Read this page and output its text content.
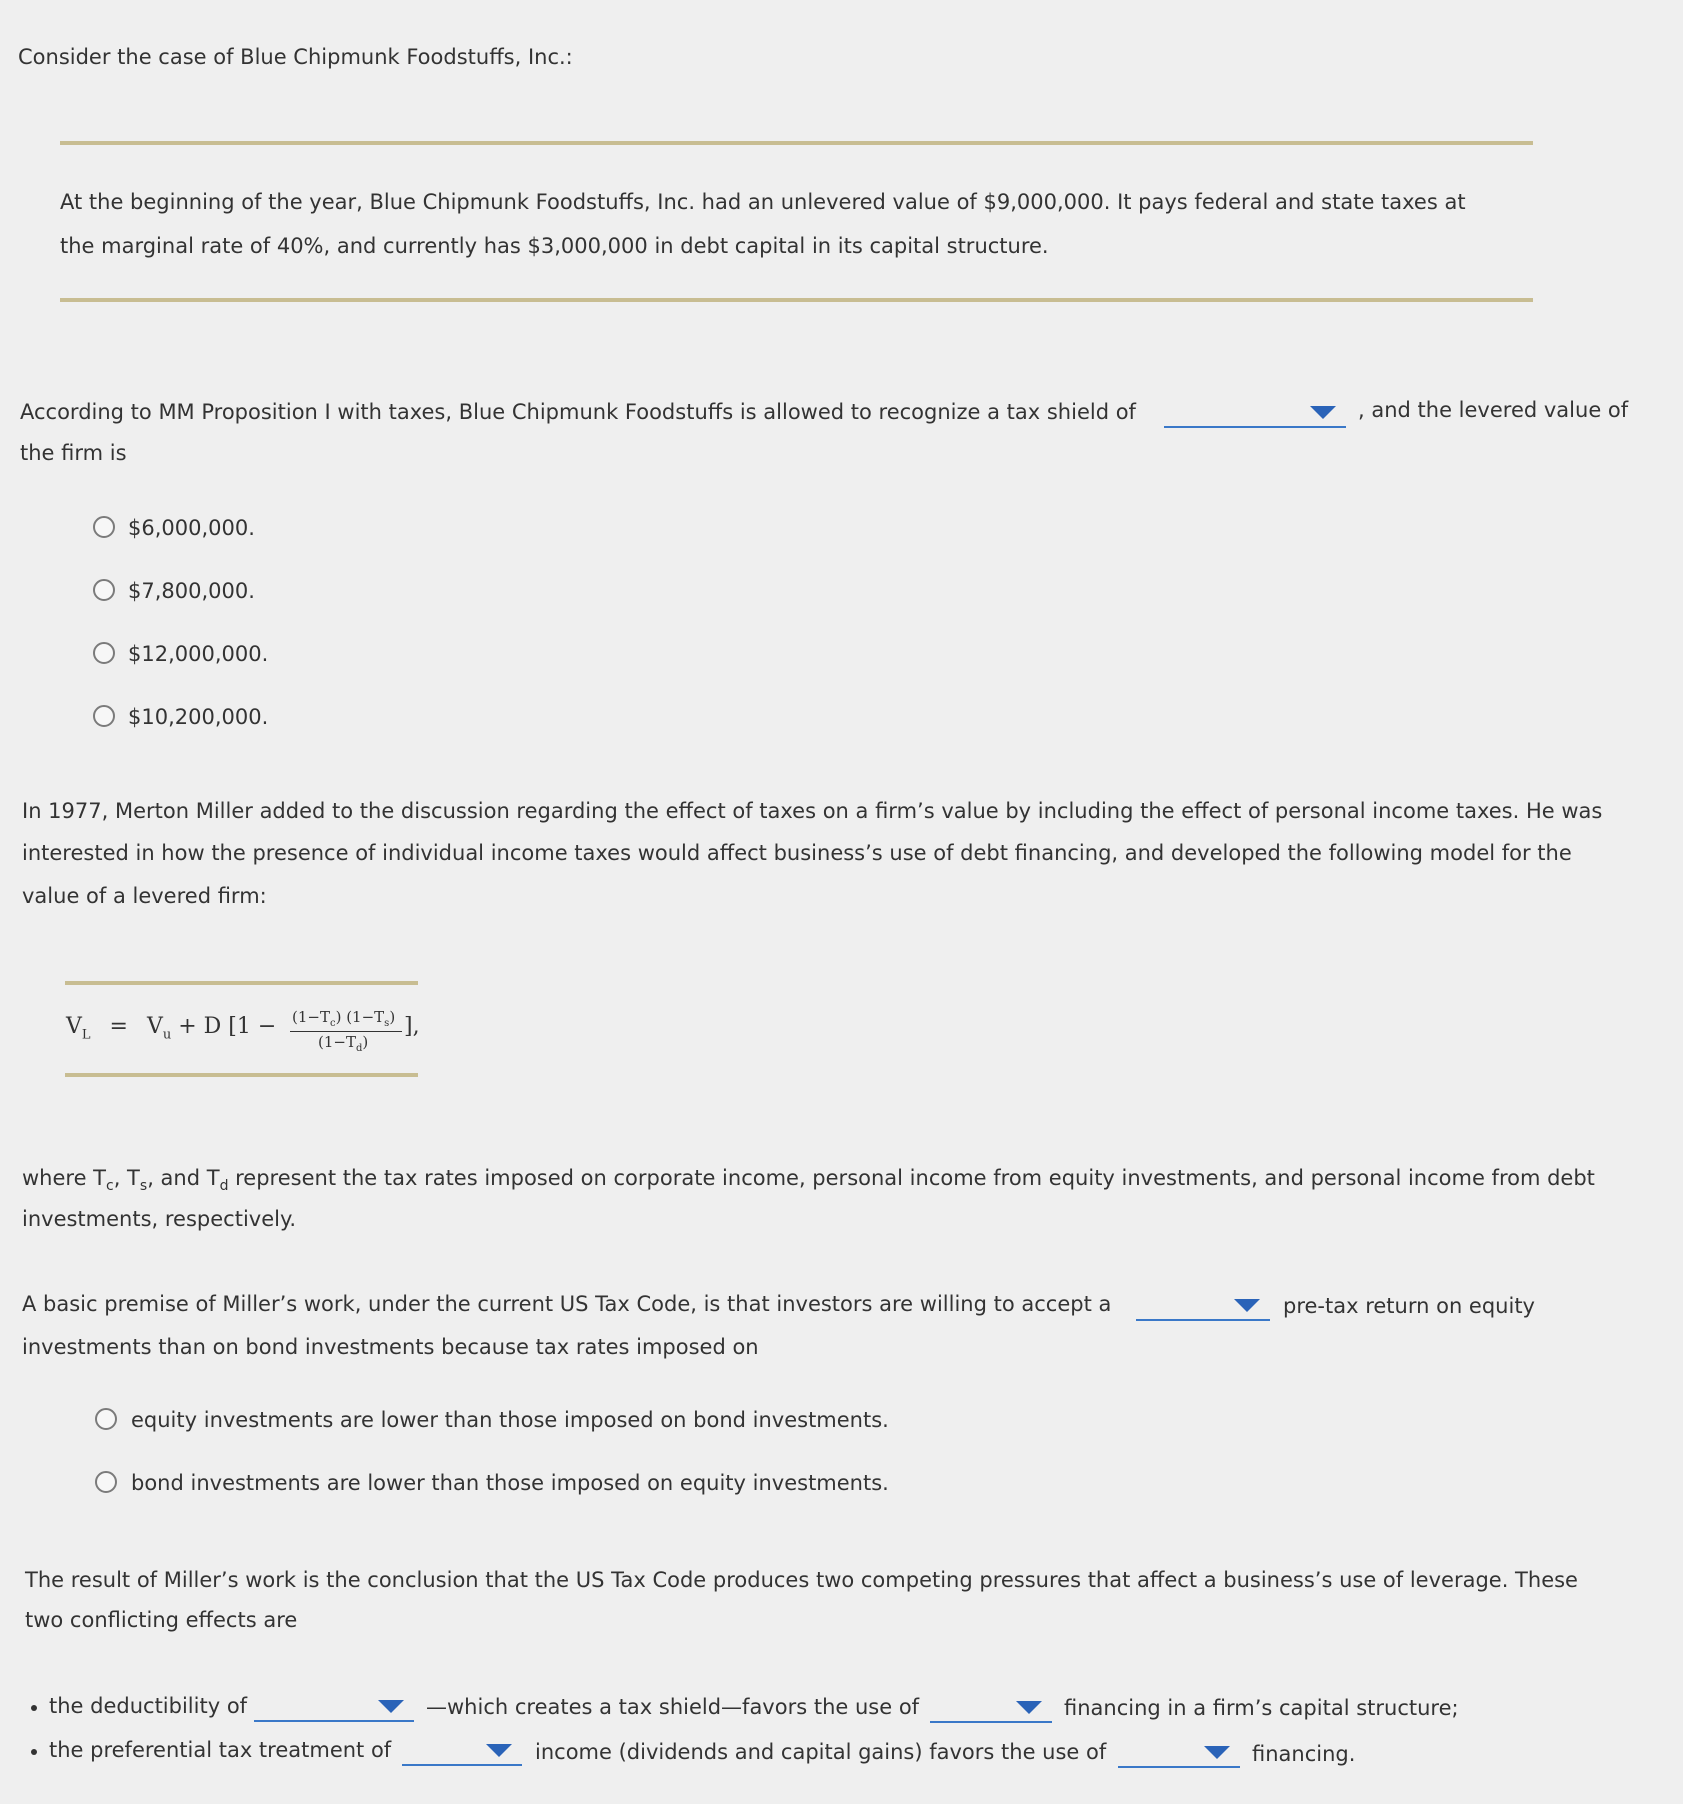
Consider the case of Blue Chipmunk Foodstuffs, Inc.:
At the beginning of the year, Blue Chipmunk Foodstuffs, Inc. had an unlevered value of $9,000,000. It pays federal and state taxes at
the marginal rate of 40%, and currently has $3,000,000 in debt capital in its capital structure.
According to MM Proposition I with taxes, Blue Chipmunk Foodstuffs is allowed to recognize a tax shield of	, and the levered value of
the firm is
$6,000,000.
$7,800,000.
$12,000,000.
$10,200,000.
In 1977, Merton Miller added to the discussion regarding the effect of taxes on a firm’s value by including the effect of personal income taxes. He was
interested in how the presence of individual income taxes would affect business’s use of debt financing, and developed the following model for the
value of a levered firm:
$V_L = V_u + D$ [$1 - (1-T_c)$ $(1-T_s)$
$(1-T_d)$
],
where $T_c$, $T_s$, and $T_d$ represent the tax rates imposed on corporate income, personal income from equity investments, and personal income from debt
investments, respectively.
A basic premise of Miller’s work, under the current US Tax Code, is that investors are willing to accept a	pre-tax return on equity
investments than on bond investments because tax rates imposed on
equity investments are lower than those imposed on bond investments.
bond investments are lower than those imposed on equity investments.
The result of Miller’s work is the conclusion that the US Tax Code produces two competing pressures that affect a business’s use of leverage. These
two conflicting effects are
the deductibility of	—which creates a tax shield—favors the use of	financing in a firm’s capital structure;
the preferential tax treatment of	income (dividends and capital gains) favors the use of	financing.
